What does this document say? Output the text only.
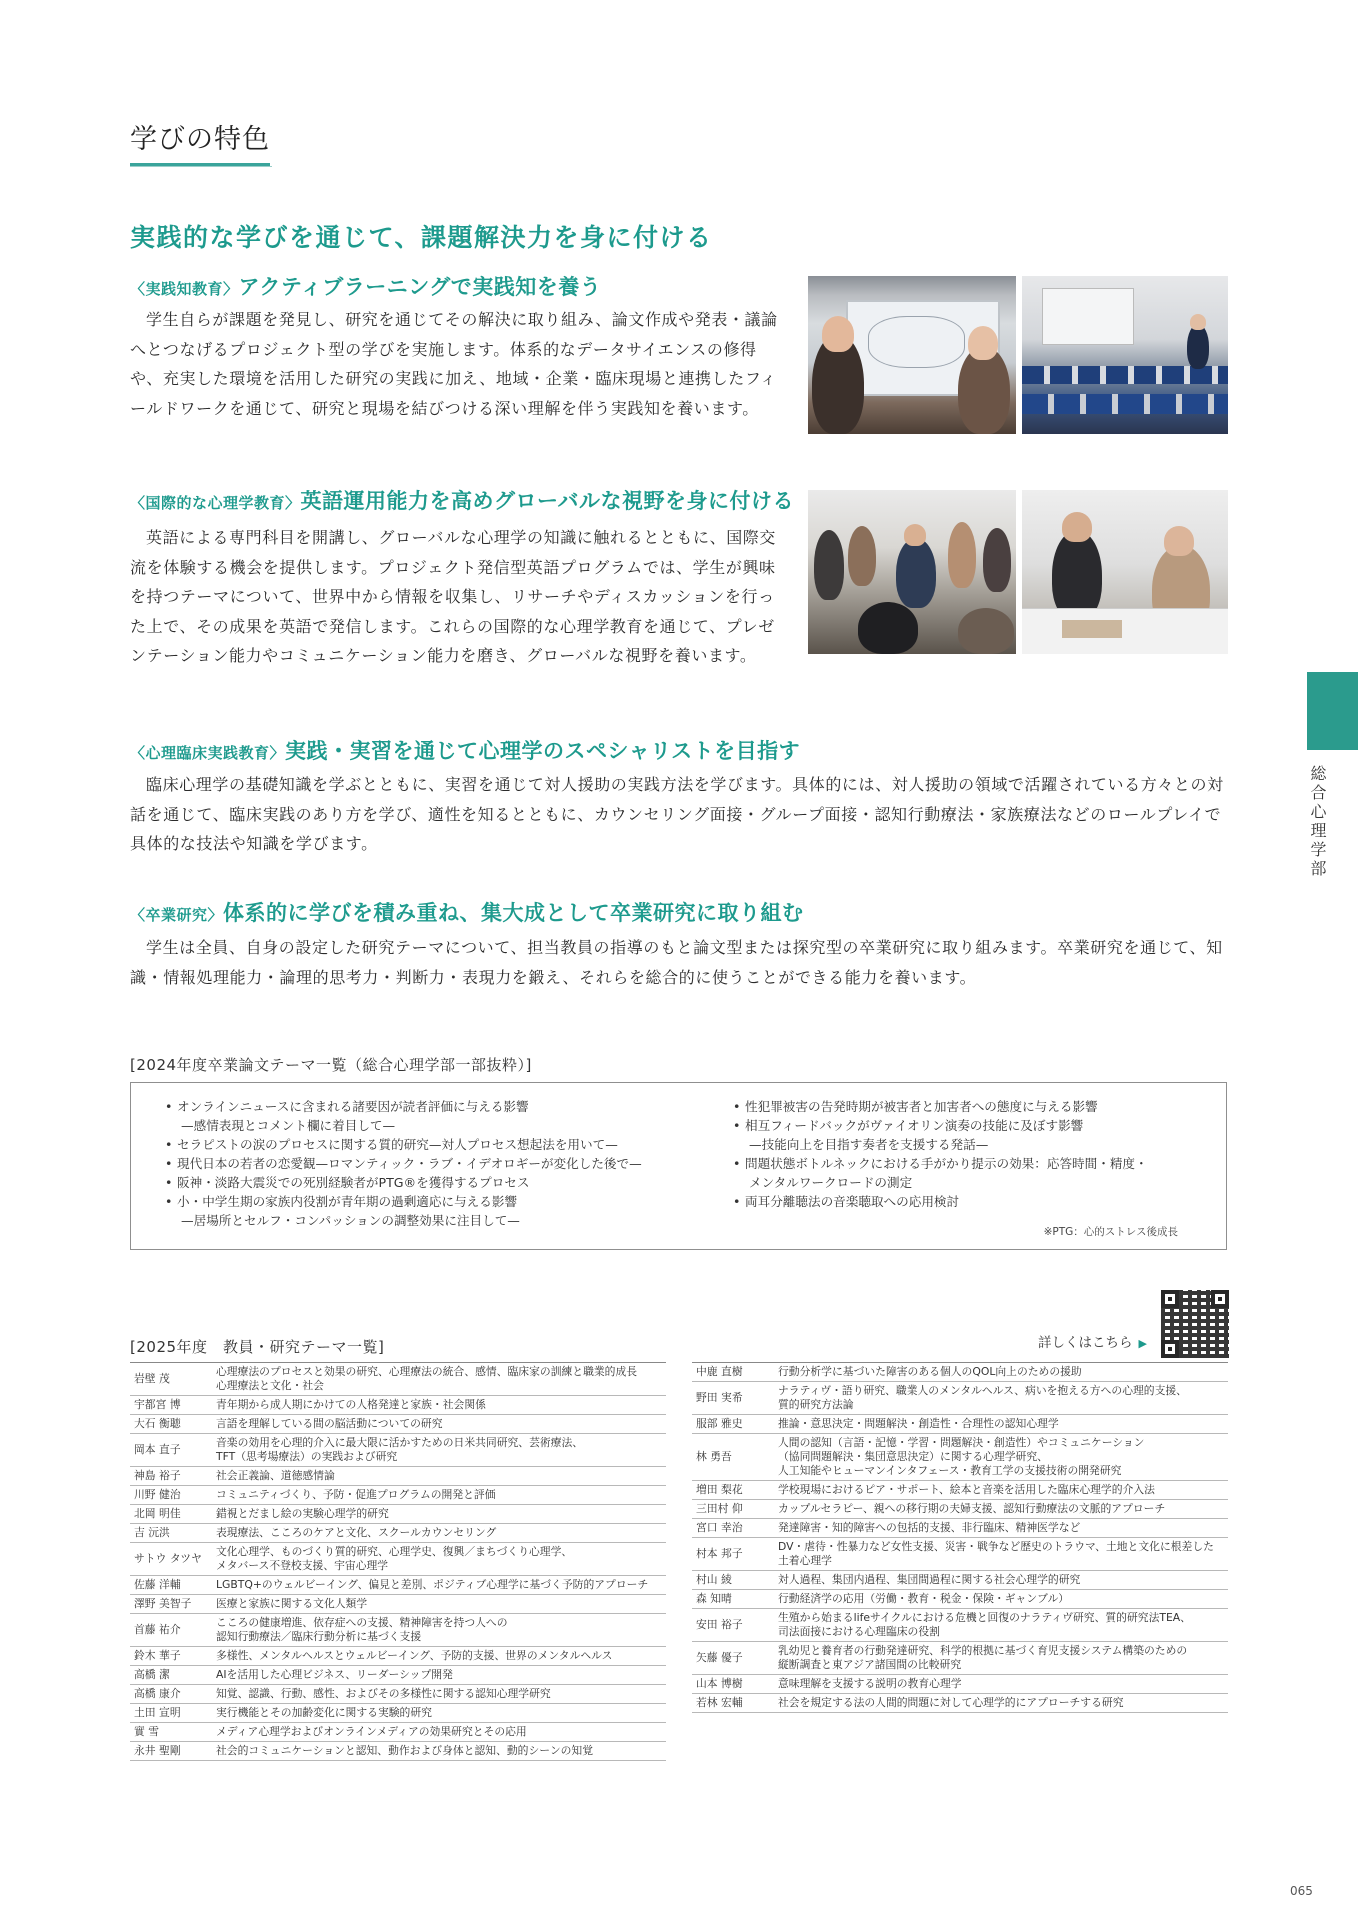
学びの特色
実践的な学びを通じて、課題解決力を身に付ける
〈実践知教育〉アクティブラーニングで実践知を養う

学生自らが課題を発見し、研究を通じてその解決に取り組み、論文作成や発表・議論へとつなげるプロジェクト型の学びを実施します。体系的なデータサイエンスの修得や、充実した環境を活用した研究の実践に加え、地域・企業・臨床現場と連携したフィールドワークを通じて、研究と現場を結びつける深い理解を伴う実践知を養います。

〈国際的な心理学教育〉英語運用能力を高めグローバルな視野を身に付ける

英語による専門科目を開講し、グローバルな心理学の知識に触れるとともに、国際交流を体験する機会を提供します。プロジェクト発信型英語プログラムでは、学生が興味を持つテーマについて、世界中から情報を収集し、リサーチやディスカッションを行った上で、その成果を英語で発信します。これらの国際的な心理学教育を通じて、プレゼンテーション能力やコミュニケーション能力を磨き、グローバルな視野を養います。

〈心理臨床実践教育〉実践・実習を通じて心理学のスペシャリストを目指す

臨床心理学の基礎知識を学ぶとともに、実習を通じて対人援助の実践方法を学びます。具体的には、対人援助の領域で活躍されている方々との対話を通じて、臨床実践のあり方を学び、適性を知るとともに、カウンセリング面接・グループ面接・認知行動療法・家族療法などのロールプレイで具体的な技法や知識を学びます。

〈卒業研究〉体系的に学びを積み重ね、集大成として卒業研究に取り組む

学生は全員、自身の設定した研究テーマについて、担当教員の指導のもと論文型または探究型の卒業研究に取り組みます。卒業研究を通じて、知識・情報処理能力・論理的思考力・判断力・表現力を鍛え、それらを総合的に使うことができる能力を養います。

総合心理学部
[2024年度卒業論文テーマ一覧（総合心理学部一部抜粋）]
• オンラインニュースに含まれる諸要因が読者評価に与える影響
—感情表現とコメント欄に着目して—
• セラピストの涙のプロセスに関する質的研究—対人プロセス想起法を用いて—
• 現代日本の若者の恋愛観—ロマンティック・ラブ・イデオロギーが変化した後で—
• 阪神・淡路大震災での死別経験者がPTG®を獲得するプロセス
• 小・中学生期の家族内役割が青年期の過剰適応に与える影響
—居場所とセルフ・コンパッションの調整効果に注目して—
• 性犯罪被害の告発時期が被害者と加害者への態度に与える影響
• 相互フィードバックがヴァイオリン演奏の技能に及ぼす影響
—技能向上を目指す奏者を支援する発話—
• 問題状態ボトルネックにおける手がかり提示の効果：応答時間・精度・
メンタルワークロードの測定
• 両耳分離聴法の音楽聴取への応用検討
※PTG：心的ストレス後成長
詳しくはこちら ▶
[2025年度　教員・研究テーマ一覧]
岩壁 茂	心理療法のプロセスと効果の研究、心理療法の統合、感情、臨床家の訓練と職業的成長
心理療法と文化・社会
宇都宮 博	青年期から成人期にかけての人格発達と家族・社会関係
大石 衡聴	言語を理解している間の脳活動についての研究
岡本 直子	音楽の効用を心理的介入に最大限に活かすための日米共同研究、芸術療法、
TFT（思考場療法）の実践および研究
神島 裕子	社会正義論、道徳感情論
川野 健治	コミュニティづくり、予防・促進プログラムの開発と評価
北岡 明佳	錯視とだまし絵の実験心理学的研究
吉 沅洪	表現療法、こころのケアと文化、スクールカウンセリング
サトウ タツヤ	文化心理学、ものづくり質的研究、心理学史、復興／まちづくり心理学、
メタバース不登校支援、宇宙心理学
佐藤 洋輔	LGBTQ+のウェルビーイング、偏見と差別、ポジティブ心理学に基づく予防的アプローチ
澤野 美智子	医療と家族に関する文化人類学
首藤 祐介	こころの健康増進、依存症への支援、精神障害を持つ人への
認知行動療法／臨床行動分析に基づく支援
鈴木 華子	多様性、メンタルヘルスとウェルビーイング、予防的支援、世界のメンタルヘルス
高橋 潔	AIを活用した心理ビジネス、リーダーシップ開発
高橋 康介	知覚、認識、行動、感性、およびその多様性に関する認知心理学研究
土田 宣明	実行機能とその加齢変化に関する実験的研究
實 雪	メディア心理学およびオンラインメディアの効果研究とその応用
永井 聖剛	社会的コミュニケーションと認知、動作および身体と認知、動的シーンの知覚
中鹿 直樹	行動分析学に基づいた障害のある個人のQOL向上のための援助
野田 実希	ナラティヴ・語り研究、職業人のメンタルヘルス、病いを抱える方への心理的支援、
質的研究方法論
服部 雅史	推論・意思決定・問題解決・創造性・合理性の認知心理学
林 勇吾	人間の認知（言語・記憶・学習・問題解決・創造性）やコミュニケーション
（協同問題解決・集団意思決定）に関する心理学研究、
人工知能やヒューマンインタフェース・教育工学の支援技術の開発研究
増田 梨花	学校現場におけるピア・サポート、絵本と音楽を活用した臨床心理学的介入法
三田村 仰	カップルセラピー、親への移行期の夫婦支援、認知行動療法の文脈的アプローチ
宮口 幸治	発達障害・知的障害への包括的支援、非行臨床、精神医学など
村本 邦子	DV・虐待・性暴力など女性支援、災害・戦争など歴史のトラウマ、土地と文化に根差した
土着心理学
村山 綾	対人過程、集団内過程、集団間過程に関する社会心理学的研究
森 知晴	行動経済学の応用（労働・教育・税金・保険・ギャンブル）
安田 裕子	生殖から始まるlifeサイクルにおける危機と回復のナラティヴ研究、質的研究法TEA、
司法面接における心理臨床の役割
矢藤 優子	乳幼児と養育者の行動発達研究、科学的根拠に基づく育児支援システム構築のための
縦断調査と東アジア諸国間の比較研究
山本 博樹	意味理解を支援する説明の教育心理学
若林 宏輔	社会を規定する法の人間的問題に対して心理学的にアプローチする研究
065
